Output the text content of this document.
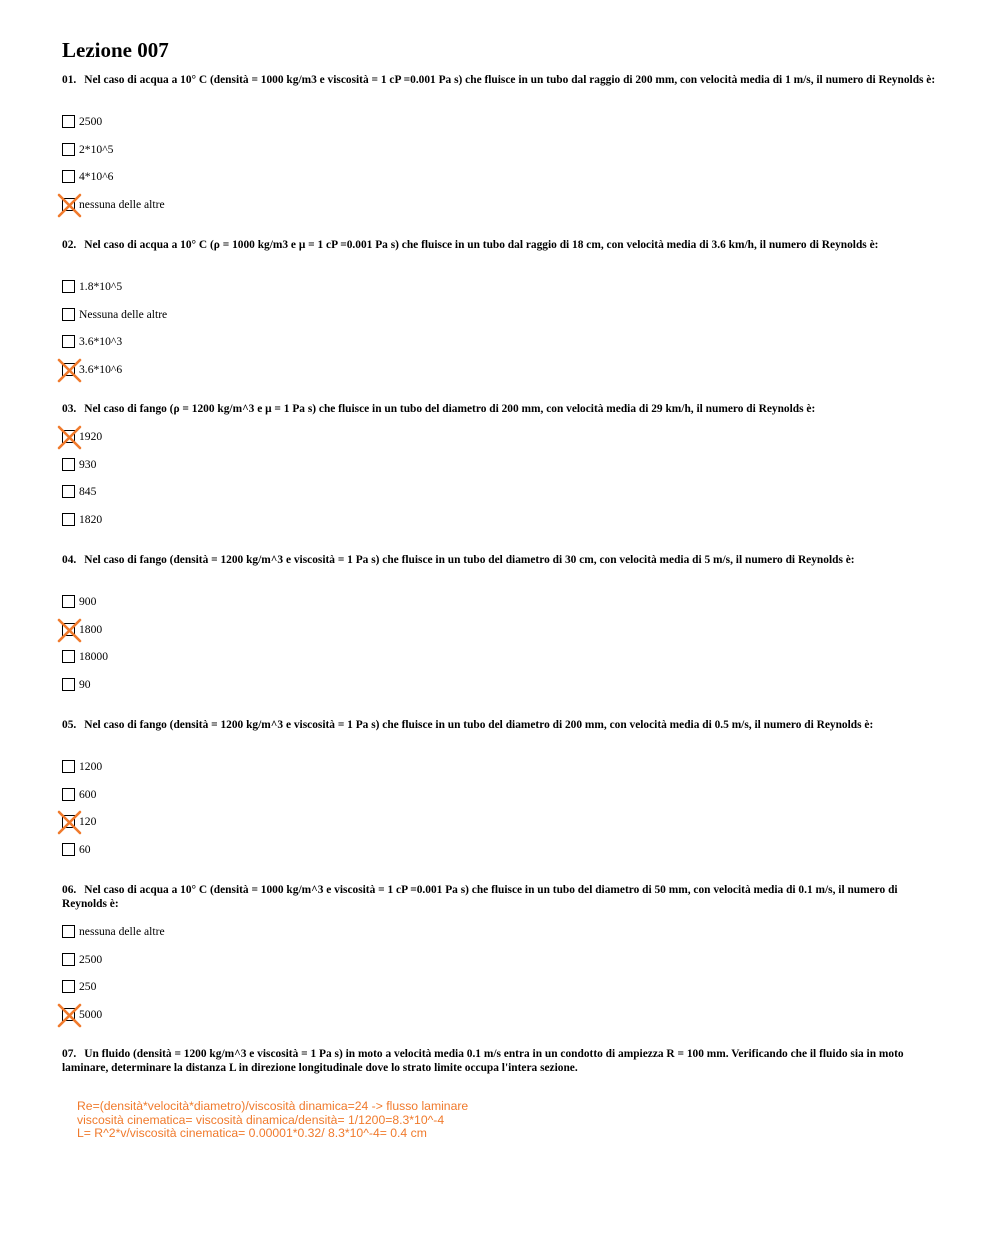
Lezione 007

01. Nel caso di acqua a 10° C (densità = 1000 kg/m3 e viscosità = 1 cP =0.001 Pa s) che fluisce in un tubo dal raggio di 200 mm, con velocità media di 1 m/s, il numero di Reynolds è:

2500
2*10^5
4*10^6
nessuna delle altre

02. Nel caso di acqua a 10° C (ρ = 1000 kg/m3 e μ = 1 cP =0.001 Pa s) che fluisce in un tubo dal raggio di 18 cm, con velocità media di 3.6 km/h, il numero di Reynolds è:

1.8*10^5
Nessuna delle altre
3.6*10^3
3.6*10^6

03. Nel caso di fango (ρ = 1200 kg/m^3 e μ = 1 Pa s) che fluisce in un tubo del diametro di 200 mm, con velocità media di 29 km/h, il numero di Reynolds è:

1920
930
845
1820

04. Nel caso di fango (densità = 1200 kg/m^3 e viscosità = 1 Pa s) che fluisce in un tubo del diametro di 30 cm, con velocità media di 5 m/s, il numero di Reynolds è:

900
1800
18000
90

05. Nel caso di fango (densità = 1200 kg/m^3 e viscosità = 1 Pa s) che fluisce in un tubo del diametro di 200 mm, con velocità media di 0.5 m/s, il numero di Reynolds è:

1200
600
120
60

06. Nel caso di acqua a 10° C (densità = 1000 kg/m^3 e viscosità = 1 cP =0.001 Pa s) che fluisce in un tubo del diametro di 50 mm, con velocità media di 0.1 m/s, il numero di Reynolds è:

nessuna delle altre
2500
250
5000

07. Un fluido (densità = 1200 kg/m^3 e viscosità = 1 Pa s) in moto a velocità media 0.1 m/s entra in un condotto di ampiezza R = 100 mm. Verificando che il fluido sia in moto laminare, determinare la distanza L in direzione longitudinale dove lo strato limite occupa l'intera sezione.

Re=(densità*velocità*diametro)/viscosità dinamica=24 -> flusso laminare
viscosità cinematica= viscosità dinamica/densità= 1/1200=8.3*10^-4
L= R^2*v/viscosità cinematica= 0.00001*0.32/ 8.3*10^-4= 0.4 cm
